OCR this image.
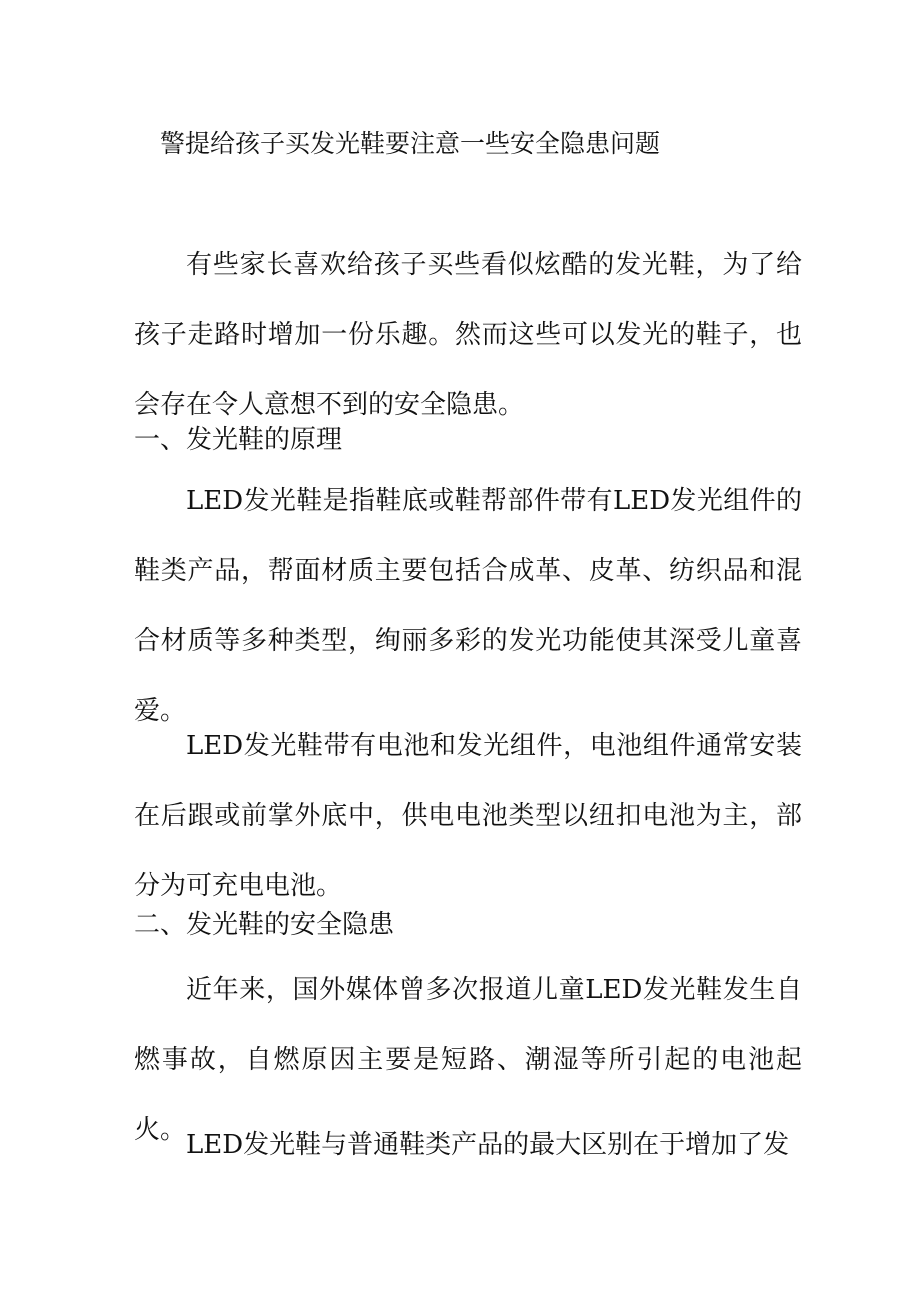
警提给孩子买发光鞋要注意一些安全隐患问题

有些家长喜欢给孩子买些看似炫酷的发光鞋，为了给孩子走路时增加一份乐趣。然而这些可以发光的鞋子，也会存在令人意想不到的安全隐患。

一、发光鞋的原理

LED发光鞋是指鞋底或鞋帮部件带有LED发光组件的鞋类产品，帮面材质主要包括合成革、皮革、纺织品和混合材质等多种类型，绚丽多彩的发光功能使其深受儿童喜爱。

LED发光鞋带有电池和发光组件，电池组件通常安装在后跟或前掌外底中，供电电池类型以纽扣电池为主，部分为可充电电池。

二、发光鞋的安全隐患

近年来，国外媒体曾多次报道儿童LED发光鞋发生自燃事故，自燃原因主要是短路、潮湿等所引起的电池起火。 LED发光鞋与普通鞋类产品的最大区别在于增加了发
